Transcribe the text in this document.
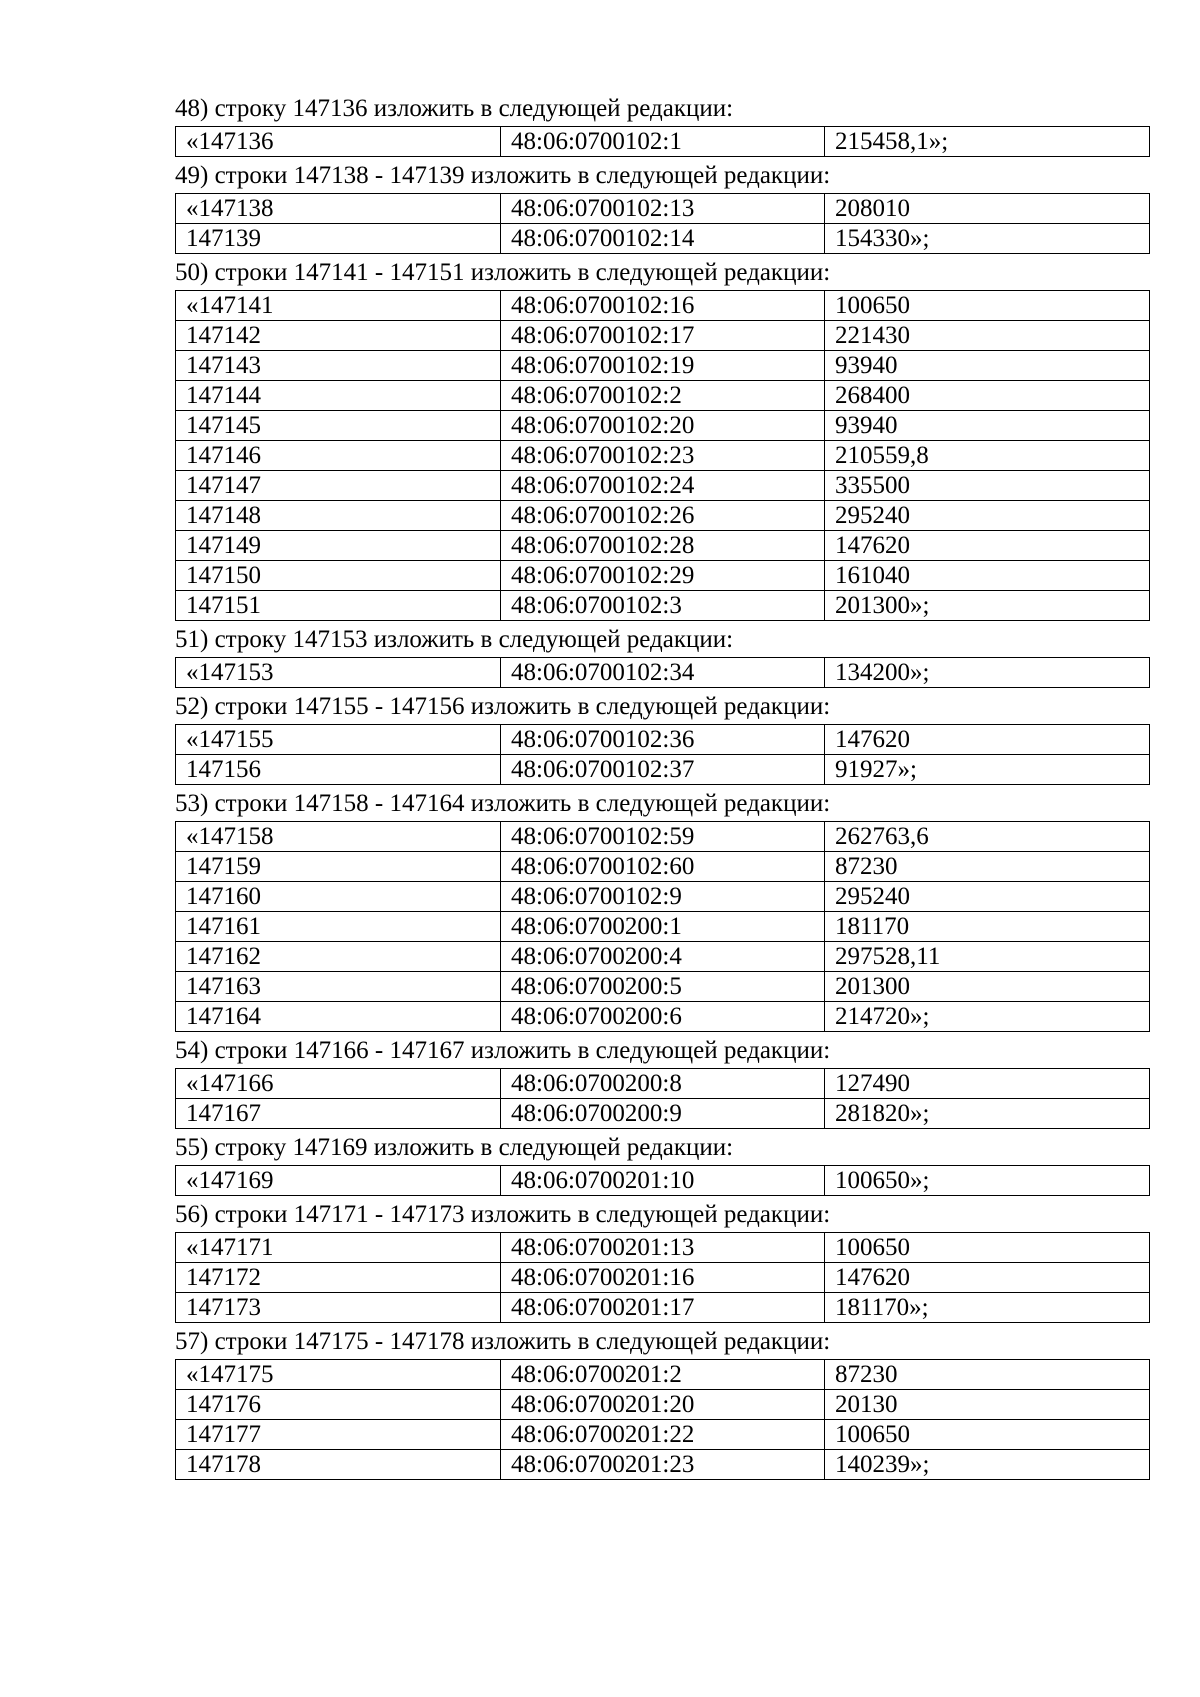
48) строку 147136 изложить в следующей редакции:

«147136	48:06:0700102:1	215458,1»;

49) строки 147138 - 147139 изложить в следующей редакции:

«147138	48:06:0700102:13	208010
147139	48:06:0700102:14	154330»;

50) строки 147141 - 147151 изложить в следующей редакции:

«147141	48:06:0700102:16	100650
147142	48:06:0700102:17	221430
147143	48:06:0700102:19	93940
147144	48:06:0700102:2	268400
147145	48:06:0700102:20	93940
147146	48:06:0700102:23	210559,8
147147	48:06:0700102:24	335500
147148	48:06:0700102:26	295240
147149	48:06:0700102:28	147620
147150	48:06:0700102:29	161040
147151	48:06:0700102:3	201300»;

51) строку 147153 изложить в следующей редакции:

«147153	48:06:0700102:34	134200»;

52) строки 147155 - 147156 изложить в следующей редакции:

«147155	48:06:0700102:36	147620
147156	48:06:0700102:37	91927»;

53) строки 147158 - 147164 изложить в следующей редакции:

«147158	48:06:0700102:59	262763,6
147159	48:06:0700102:60	87230
147160	48:06:0700102:9	295240
147161	48:06:0700200:1	181170
147162	48:06:0700200:4	297528,11
147163	48:06:0700200:5	201300
147164	48:06:0700200:6	214720»;

54) строки 147166 - 147167 изложить в следующей редакции:

«147166	48:06:0700200:8	127490
147167	48:06:0700200:9	281820»;

55) строку 147169 изложить в следующей редакции:

«147169	48:06:0700201:10	100650»;

56) строки 147171 - 147173 изложить в следующей редакции:

«147171	48:06:0700201:13	100650
147172	48:06:0700201:16	147620
147173	48:06:0700201:17	181170»;

57) строки 147175 - 147178 изложить в следующей редакции:

«147175	48:06:0700201:2	87230
147176	48:06:0700201:20	20130
147177	48:06:0700201:22	100650
147178	48:06:0700201:23	140239»;
